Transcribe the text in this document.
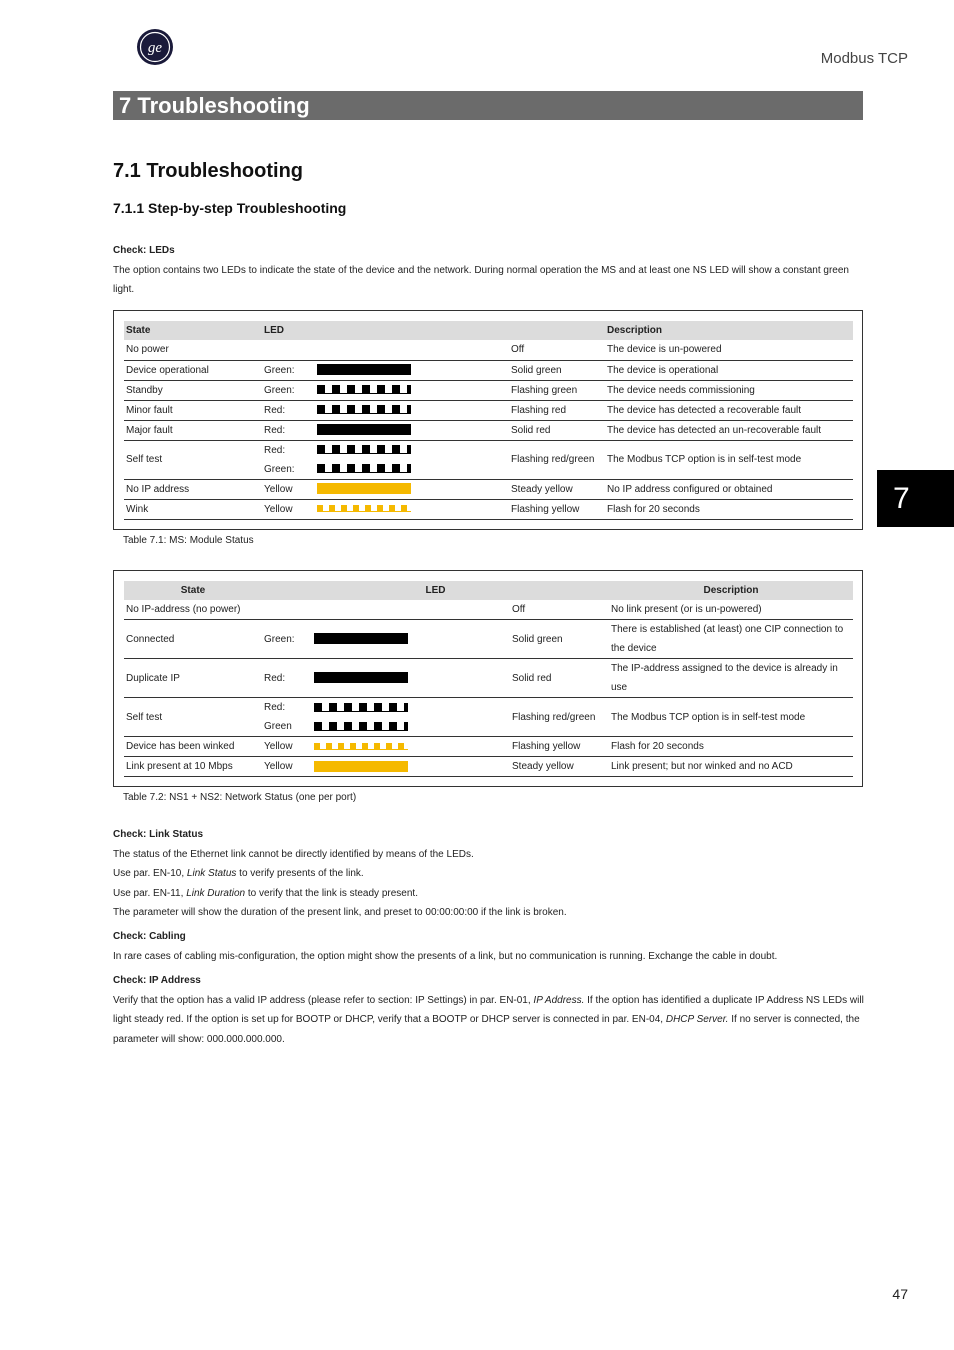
ge
Modbus TCP
7 Troubleshooting
7.1 Troubleshooting
7.1.1 Step-by-step Troubleshooting
Check: LEDs
The option contains two LEDs to indicate the state of the device and the network. During normal operation the MS and at least one NS LED will show a constant green light.
State	LED			Description
No power			Off	The device is un-powered
Device operational	Green:		Solid green	The device is operational
Standby	Green:		Flashing green	The device needs commissioning
Minor fault	Red:		Flashing red	The device has detected a recoverable fault
Major fault	Red:		Solid red	The device has detected an un-recoverable fault
Self test	Red:		Flashing red/green	The Modbus TCP option is in self-test mode
	Green:			
No IP address	Yellow		Steady yellow	No IP address configured or obtained
Wink	Yellow		Flashing yellow	Flash for 20 seconds
Table 7.1: MS: Module Status
State	LED			Description
No IP-address (no power)			Off	No link present (or is un-powered)
Connected	Green:		Solid green	There is established (at least) one CIP connection to the device
Duplicate IP	Red:		Solid red	The IP-address assigned to the device is already in use
Self test	Red:		Flashing red/green	The Modbus TCP option is in self-test mode
	Green			
Device has been winked	Yellow		Flashing yellow	Flash for 20 seconds
Link present at 10 Mbps	Yellow		Steady yellow	Link present; but nor winked and no ACD
Table 7.2: NS1 + NS2: Network Status (one per port)
Check: Link Status
The status of the Ethernet link cannot be directly identified by means of the LEDs.
Use par. EN-10, Link Status to verify presents of the link.
Use par. EN-11, Link Duration to verify that the link is steady present.
The parameter will show the duration of the present link, and preset to 00:00:00:00 if the link is broken.
Check: Cabling
In rare cases of cabling mis-configuration, the option might show the presents of a link, but no communication is running. Exchange the cable in doubt.
Check: IP Address
Verify that the option has a valid IP address (please refer to section: IP Settings) in par. EN-01, IP Address. If the option has identified a duplicate IP Address NS LEDs will light steady red. If the option is set up for BOOTP or DHCP, verify that a BOOTP or DHCP server is connected in par. EN-04, DHCP Server. If no server is connected, the parameter will show: 000.000.000.000.
7
47
